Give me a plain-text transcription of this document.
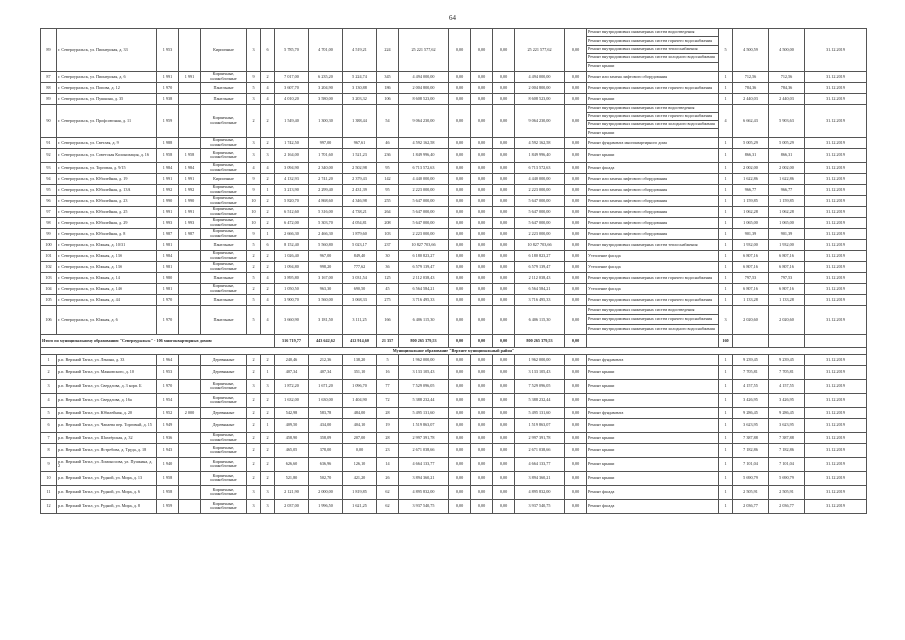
64
89	г. Североуральск, ул. Пионерская, д. 33	1 953		Кирпичные	3	6	5 785,70	4 701,00	4 519,21	224	25 221 577,62	0,00	0,00	0,00	25 221 577,62	0,00	Ремонт внутридомовых инженерных систем водоотведения
Ремонт внутридомовых инженерных систем горячего водоснабжения
Ремонт внутридомовых инженерных систем теплоснабжения
Ремонт внутридомовых инженерных систем холодного водоснабжения
Ремонт крыши	5	4 500,59	4 500,00	31.12.2019
87	г. Североуральск, ул. Пионерская, д. 6	1 991	1 991	Кирпичные, шлакоблочные	9	2	7 017,00	6 235,20	5 224,74	345	4 494 000,00	0,00	0,00	0,00	4 494 000,00	0,00	Ремонт или замена лифтового оборудования	1	712,56	712,56	31.12.2019
88	г. Североуральск, ул. Попова, д. 12	1 970		Панельные	5	4	3 607,70	3 204,90	3 130,88	186	2 004 800,00	0,00	0,00	0,00	2 004 800,00	0,00	Ремонт внутридомовых инженерных систем горячего водоснабжения	1	784,36	784,36	31.12.2019
89	г. Североуральск, ул. Пушкина, д. 35	1 938		Панельные	3	4	4 010,20	3 580,00	3 203,32	106	8 608 523,00	0,00	0,00	0,00	8 608 523,00	0,00	Ремонт крыши	1	2 440,03	2 440,03	31.12.2019
90	г. Североуральск, ул. Профсоюзная, д. 11	1 959		Кирпичные, шлакоблочные	2	2	1 549,40	1 300,30	1 388,44	54	9 064 230,00	0,00	0,00	0,00	9 064 230,00	0,00	Ремонт внутридомовых инженерных систем водоотведения
Ремонт внутридомовых инженерных систем горячего водоснабжения
Ремонт внутридомовых инженерных систем холодного водоснабжения
Ремонт крыши	4	6 662,43	5 903,63	31.12.2019
91	г. Североуральск, ул. Светлая, д. 9	1 988		Кирпичные, шлакоблочные	3	2	1 742,50	997,00	967,61	46	4 592 162,58	0,00	0,00	0,00	4 592 162,58	0,00	Ремонт фундамента многоквартирного дома	1	5 005,29	5 005,29	31.12.2019
92	г. Североуральск, ул. Советская Колонизация, д. 16	1 958	1 958	Кирпичные, шлакоблочные	3	3	2 164,00	1 701,60	1 521,23	236	1 849 996,40	0,00	0,00	0,00	1 849 996,40	0,00	Ремонт крыши	1	866,31	866,31	31.12.2019
93	г. Североуральск, ул. Торговая, д. 9/15	1 984	1 984	Кирпичные, шлакоблочные	4	4	3 094,90	2 340,00	2 502,98	95	6 713 572,63	0,00	0,00	0,00	6 713 572,63	0,00	Ремонт фасада	1	2 002,00	2 002,00	31.12.2019
94	г. Североуральск, ул. Юбилейная, д. 19	1 991	1 991	Кирпичные	9	2	4 132,93	2 741,20	2 379,43	142	4 440 000,00	0,00	0,00	0,00	4 440 000,00	0,00	Ремонт или замена лифтового оборудования	1	1 622,86	1 622,86	31.12.2019
95	г. Североуральск, ул. Юбилейная, д. 13А	1 992	1 992	Кирпичные, шлакоблочные	9	1	3 213,90	2 299,40	2 431,39	95	2 223 000,00	0,00	0,00	0,00	2 223 000,00	0,00	Ремонт или замена лифтового оборудования	1	966,77	966,77	31.12.2019
96	г. Североуральск, ул. Юбилейная, д. 23	1 990	1 990	Кирпичные, шлакоблочные	10	2	5 820,70	4 868,60	4 346,98	255	5 647 000,00	0,00	0,00	0,00	5 647 000,00	0,00	Ремонт или замена лифтового оборудования	1	1 159,85	1 159,85	31.12.2019
97	г. Североуральск, ул. Юбилейная, д. 25	1 991	1 991	Кирпичные, шлакоблочные	10	2	6 512,60	5 316,00	4 738,21	264	5 647 000,00	0,00	0,00	0,00	5 647 000,00	0,00	Ремонт или замена лифтового оборудования	1	1 062,28	1 062,28	31.12.2019
98	г. Североуральск, ул. Юбилейная, д. 29	1 993	1 993	Кирпичные, шлакоблочные	10	2	6 472,00	5 303,70	4 054,81	208	5 647 000,00	0,00	0,00	0,00	5 647 000,00	0,00	Ремонт или замена лифтового оборудования	1	1 065,00	1 065,00	31.12.2019
99	г. Североуральск, ул. Юбилейная, д. 8	1 987	1 987	Кирпичные, шлакоблочные	9	1	2 666,30	2 466,30	1 879,60	103	2 223 000,00	0,00	0,00	0,00	2 223 000,00	0,00	Ремонт или замена лифтового оборудования	1	901,39	901,39	31.12.2019
100	г. Североуральск, ул. Южная, д. 10/31	1 981		Панельные	5	6	8 152,40	5 560,80	5 023,17	237	10 827 703,66	0,00	0,00	0,00	10 827 703,66	0,00	Ремонт внутридомовых инженерных систем теплоснабжения	1	1 932,00	1 932,00	31.12.2019
101	г. Североуральск, ул. Южная, д. 13б	1 984		Кирпичные, шлакоблочные	2	2	1 026,40	967,00	849,40	30	6 180 823,27	0,00	0,00	0,00	6 180 823,27	0,00	Утепление фасада	1	6 807,16	6 807,16	31.12.2019
102	г. Североуральск, ул. Южная, д. 13б	1 981		Кирпичные, шлакоблочные	2	2	1 094,80	998,20	777,62	36	6 579 139,47	0,00	0,00	0,00	6 579 139,47	0,00	Утепление фасада	1	6 807,16	6 807,16	31.12.2019
103	г. Североуральск, ул. Южная, д. 14	1 980		Панельные	5	4	3 895,80	3 167,00	3 031,54	125	2 112 038,43	0,00	0,00	0,00	2 112 038,43	0,00	Ремонт внутридомовых инженерных систем горячего водоснабжения	1	797,53	797,53	31.12.2019
104	г. Североуральск, ул. Южная, д. 14б	1 981		Кирпичные, шлакоблочные	2	2	1 050,50	963,30	690,50	45	6 564 584,21	0,00	0,00	0,00	6 564 584,21	0,00	Утепление фасада	1	6 807,16	6 807,16	31.12.2019
105	г. Североуральск, ул. Южная, д. 44	1 970		Панельные	5	4	3 900,70	3 560,00	3 068,33	275	3 716 495,33	0,00	0,00	0,00	3 716 495,33	0,00	Ремонт внутридомовых инженерных систем горячего водоснабжения	1	1 133,28	1 133,28	31.12.2019
106	г. Североуральск, ул. Южная, д. 6	1 970		Панельные	5	4	3 660,90	3 181,50	3 111,25	166	6 406 115,30	0,00	0,00	0,00	6 406 115,30	0,00	Ремонт внутридомовых инженерных систем водоотведения
Ремонт внутридомовых инженерных систем горячего водоснабжения
Ремонт внутридомовых инженерных систем холодного водоснабжения	3	2 020,60	2 020,60	31.12.2019
Итого по муниципальному образованию "Североуральск" - 106 многоквартирных домов:							516 719,77	443 642,62	412 914,60	21 357	800 265 379,53	0,00	0,00	0,00	800 265 379,53	0,00		160			
Муниципальное образование "Верхнее муниципальный район"																					
1	р.п. Верхний Тагил, ул. Ленина, д. 33	1 964		Деревянные	2	2	240,46	212,36	138,20	5	1 962 000,00	0,00	0,00	0,00	1 962 000,00	0,00	Ремонт фундамента	1	9 239,45	9 239,45	31.12.2019
2	р.п. Верхний Тагил, ул. Маяковского, д. 10	1 953		Деревянные	2	1	407,34	407,34	351,10	16	3 133 105,43	0,00	0,00	0,00	3 133 105,43	0,00	Ремонт крыши	1	7 705,81	7 705,81	31.12.2019
3	р.п. Верхний Тагил, ул. Свердлова, д. 3 корп. Б	1 970		Кирпичные, шлакоблочные	3	3	1 872,20	1 671,20	1 096,70	77	7 529 096,05	0,00	0,00	0,00	7 529 096,05	0,00	Ремонт крыши	1	4 157,55	4 157,55	31.12.2019
4	р.п. Верхний Тагил, ул. Свердлова, д. 16а	1 954		Кирпичные, шлакоблочные	2	2	1 632,00	1 630,00	1 404,90	72	5 388 232,44	0,00	0,00	0,00	5 388 232,44	0,00	Ремонт крыши	1	3 426,95	3 426,95	31.12.2019
5	р.п. Верхний Тагил, ул. Юбилейная, д. 20	1 952	2 000	Деревянные	2	2	542,98	583,78	484,00	28	5 495 131,60	0,00	0,00	0,00	5 495 131,60	0,00	Ремонт фундамента	1	9 286,45	9 286,45	31.12.2019
6	р.п. Верхний Тагил, ул. Чапаева пер. Торговый, д. 15	1 949		Деревянные	2	1	409,50	434,00	404,10	19	1 519 863,07	0,00	0,00	0,00	1 519 863,07	0,00	Ремонт крыши	1	3 623,95	3 623,95	31.12.2019
7	р.п. Верхний Тагил, ул. Шахтёрская, д. 32	1 936		Кирпичные, шлакоблочные	2	2	458,90	358,09	207,00	28	2 997 391,78	0,00	0,00	0,00	2 997 391,78	0,00	Ремонт крыши	1	7 387,88	7 387,88	31.12.2019
8	р.п. Верхний Тагил, ул. Ястребова, д. Труда, д. 18	1 943		Кирпичные, шлакоблочные	2	2	465,05	378,00	0,00	23	2 671 038,66	0,00	0,00	0,00	2 671 038,66	0,00	Ремонт крыши	1	7 182,86	7 182,86	31.12.2019
9	р.п. Верхний Тагил, ул. Ломоносова, ул. Пушкина, д. 2	1 940		Кирпичные, шлакоблочные	2	2	626,60	636,96	126,10	14	4 664 133,77	0,00	0,00	0,00	4 664 133,77	0,00	Ремонт крыши	1	7 101,04	7 101,04	31.12.2019
10	р.п. Верхний Тагил, ул. Рудной, ул. Мира, д. 13	1 958		Кирпичные, шлакоблочные	2	2	521,80	502,70	421,20	26	3 894 360,21	0,00	0,00	0,00	3 894 360,21	0,00	Ремонт крыши	1	5 690,79	5 690,79	31.12.2019
11	р.п. Верхний Тагил, ул. Рудной, ул. Мира, д. 6	1 958		Кирпичные, шлакоблочные	3	3	2 121,90	2 000,00	1 819,85	62	4 895 832,00	0,00	0,00	0,00	4 895 832,00	0,00	Ремонт фасада	1	2 505,91	2 505,91	31.12.2019
12	р.п. Верхний Тагил, ул. Рудной, ул. Мира, д. 8	1 959		Кирпичные, шлакоблочные	3	3	2 037,00	1 996,50	1 621,25	62	3 937 540,75	0,00	0,00	0,00	3 937 540,75	0,00	Ремонт фасада	1	2 036,77	2 036,77	31.12.2019
